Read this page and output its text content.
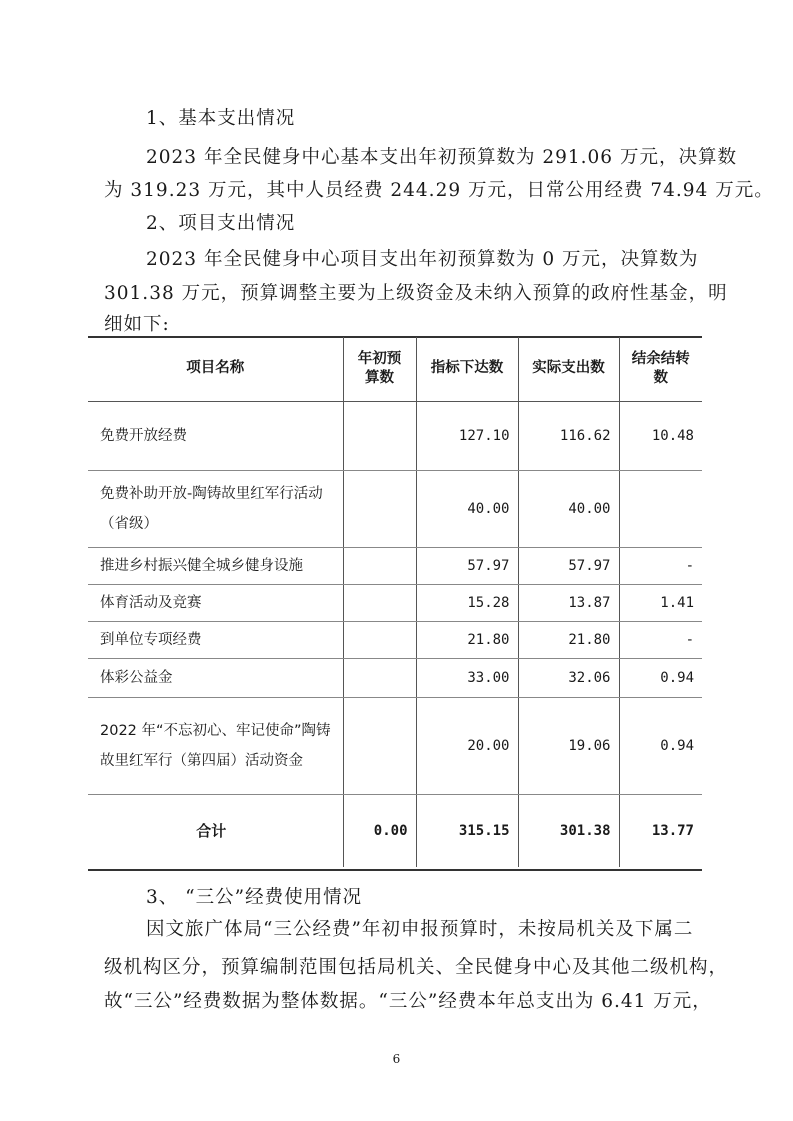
1、基本支出情况
2023 年全民健身中心基本支出年初预算数为 291.06 万元，决算数
为 319.23 万元，其中人员经费 244.29 万元，日常公用经费 74.94 万元。
2、项目支出情况
2023 年全民健身中心项目支出年初预算数为 0 万元，决算数为
301.38 万元，预算调整主要为上级资金及未纳入预算的政府性基金，明
细如下:
项目名称	年初预算数	指标下达数	实际支出数	结余结转数
免费开放经费		127.10	116.62	10.48
免费补助开放-陶铸故里红军行活动（省级）		40.00	40.00	
推进乡村振兴健全城乡健身设施		57.97	57.97	-
体育活动及竞赛		15.28	13.87	1.41
到单位专项经费		21.80	21.80	-
体彩公益金		33.00	32.06	0.94
2022 年“不忘初心、牢记使命”陶铸故里红军行（第四届）活动资金		20.00	19.06	0.94
合计	0.00	315.15	301.38	13.77
3、 “三公”经费使用情况
因文旅广体局“三公经费”年初申报预算时，未按局机关及下属二
级机构区分，预算编制范围包括局机关、全民健身中心及其他二级机构，
故“三公”经费数据为整体数据。“三公”经费本年总支出为 6.41 万元，
6
